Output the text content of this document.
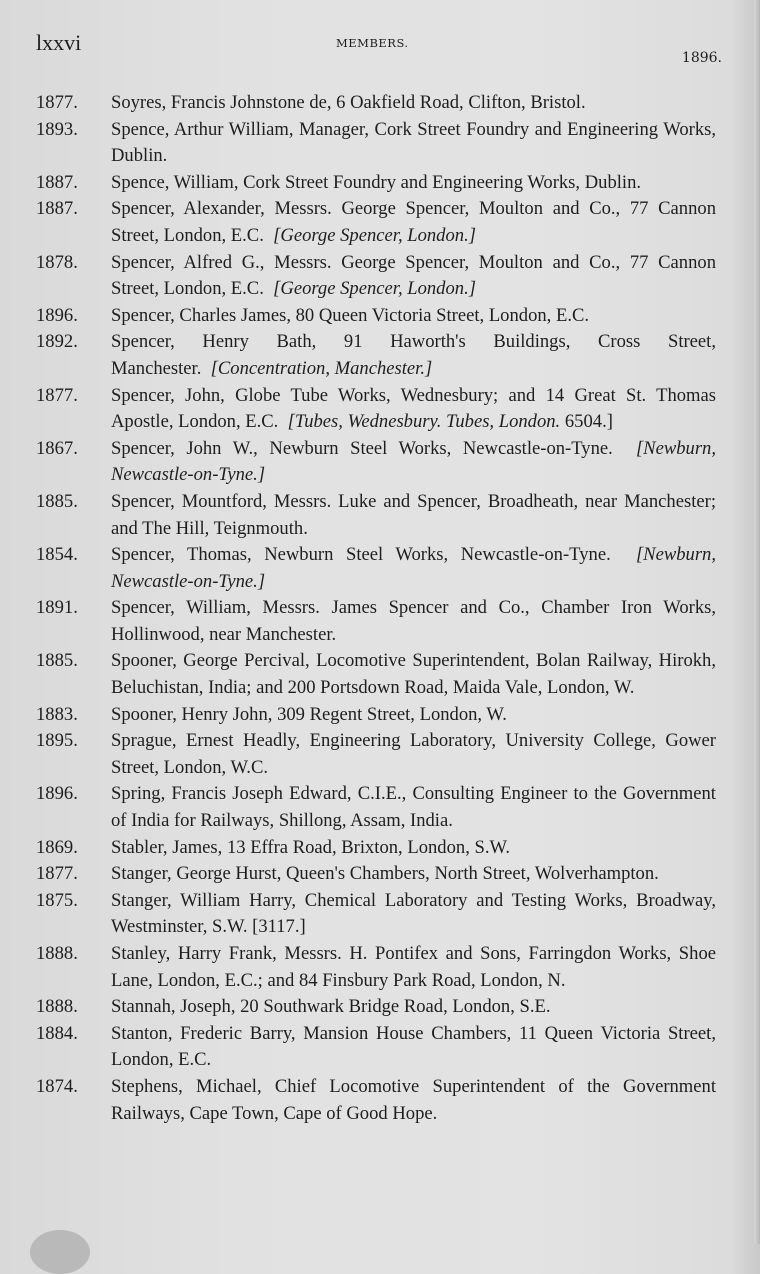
lxxvi	MEMBERS.
1896.
1877.	Soyres, Francis Johnstone de, 6 Oakfield Road, Clifton, Bristol.
1893.	Spence, Arthur William, Manager, Cork Street Foundry and Engineering Works, Dublin.
1887.	Spence, William, Cork Street Foundry and Engineering Works, Dublin.
1887.	Spencer, Alexander, Messrs. George Spencer, Moulton and Co., 77 Cannon Street, London, E.C. [George Spencer, London.]
1878.	Spencer, Alfred G., Messrs. George Spencer, Moulton and Co., 77 Cannon Street, London, E.C. [George Spencer, London.]
1896.	Spencer, Charles James, 80 Queen Victoria Street, London, E.C.
1892.	Spencer, Henry Bath, 91 Haworth's Buildings, Cross Street, Manchester. [Concentration, Manchester.]
1877.	Spencer, John, Globe Tube Works, Wednesbury; and 14 Great St. Thomas Apostle, London, E.C. [Tubes, Wednesbury. Tubes, London. 6504.]
1867.	Spencer, John W., Newburn Steel Works, Newcastle-on-Tyne. [Newburn, Newcastle-on-Tyne.]
1885.	Spencer, Mountford, Messrs. Luke and Spencer, Broadheath, near Manchester; and The Hill, Teignmouth.
1854.	Spencer, Thomas, Newburn Steel Works, Newcastle-on-Tyne. [Newburn, Newcastle-on-Tyne.]
1891.	Spencer, William, Messrs. James Spencer and Co., Chamber Iron Works, Hollinwood, near Manchester.
1885.	Spooner, George Percival, Locomotive Superintendent, Bolan Railway, Hirokh, Beluchistan, India; and 200 Portsdown Road, Maida Vale, London, W.
1883.	Spooner, Henry John, 309 Regent Street, London, W.
1895.	Sprague, Ernest Headly, Engineering Laboratory, University College, Gower Street, London, W.C.
1896.	Spring, Francis Joseph Edward, C.I.E., Consulting Engineer to the Government of India for Railways, Shillong, Assam, India.
1869.	Stabler, James, 13 Effra Road, Brixton, London, S.W.
1877.	Stanger, George Hurst, Queen's Chambers, North Street, Wolverhampton.
1875.	Stanger, William Harry, Chemical Laboratory and Testing Works, Broadway, Westminster, S.W. [3117.]
1888.	Stanley, Harry Frank, Messrs. H. Pontifex and Sons, Farringdon Works, Shoe Lane, London, E.C.; and 84 Finsbury Park Road, London, N.
1888.	Stannah, Joseph, 20 Southwark Bridge Road, London, S.E.
1884.	Stanton, Frederic Barry, Mansion House Chambers, 11 Queen Victoria Street, London, E.C.
1874.	Stephens, Michael, Chief Locomotive Superintendent of the Government Railways, Cape Town, Cape of Good Hope.
